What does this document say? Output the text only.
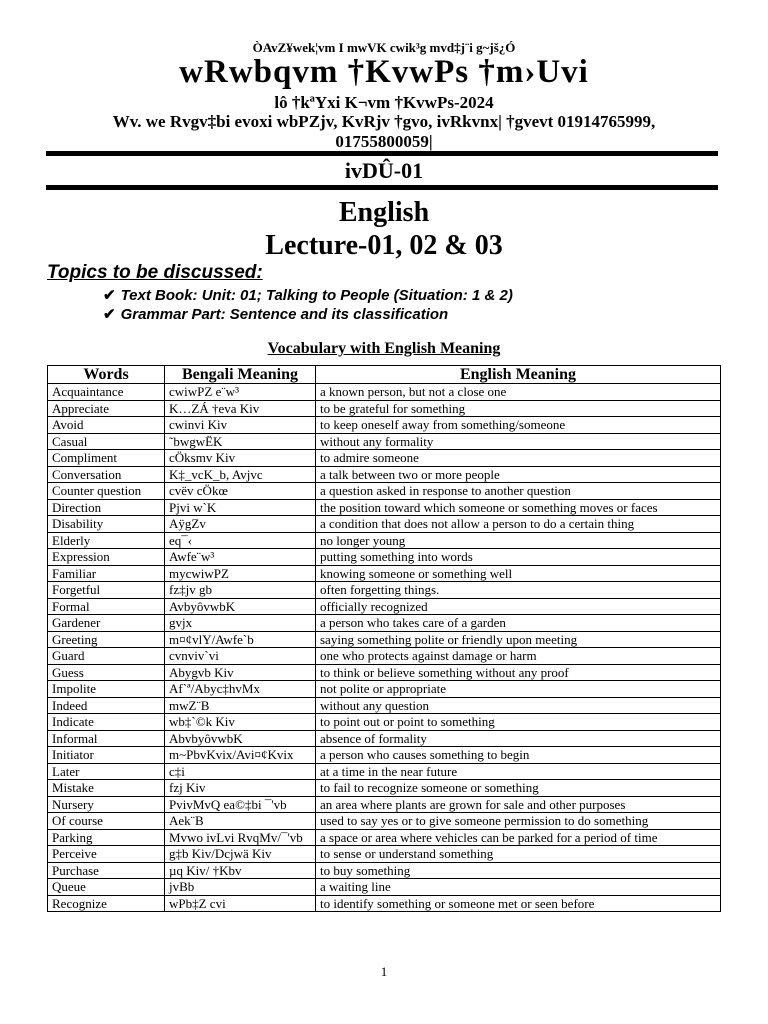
ÒAvZ¥wek¦vm I mwVK cwik³g mvd‡j¨i g~jš¿Ó
wRwbqvm †KvwPs †m›Uvi
lô †kªYxi K¬vm †KvwPs-2024
Wv. we Rvgv‡bi evoxi wbPZjv, KvRjv †gvo, ivRkvnx| †gvevt 01914765999, 01755800059|
ivDÛ-01
English
Lecture-01, 02 & 03
Topics to be discussed:
✔ Text Book: Unit: 01; Talking to People (Situation: 1 & 2)
✔ Grammar Part: Sentence and its classification
Vocabulary with English Meaning
Words	Bengali Meaning	English Meaning
Acquaintance	cwiwPZ e¨w³	a known person, but not a close one
Appreciate	K…ZÁ †eva Kiv	to be grateful for something
Avoid	cwinvi Kiv	to keep oneself away from something/someone
Casual	˜bwgwËK	without any formality
Compliment	cÖksmv Kiv	to admire someone
Conversation	K‡_vcK_b, Avjvc	a talk between two or more people
Counter question	cvëv cÖkœ	a question asked in response to another question
Direction	Pjvi w`K	the position toward which someone or something moves or faces
Disability	AÿgZv	a condition that does not allow a person to do a certain thing
Elderly	eq¯‹	no longer young
Expression	Awfe¨w³	putting something into words
Familiar	mycwiwPZ	knowing someone or something well
Forgetful	fz‡jv gb	often forgetting things.
Formal	AvbyôvwbK	officially recognized
Gardener	gvjx	a person who takes care of a garden
Greeting	m¤¢vlY/Awfe`b	saying something polite or friendly upon meeting
Guard	cvnviv`vi	one who protects against damage or harm
Guess	Abygvb Kiv	to think or believe something without any proof
Impolite	Af`ª/Abyc‡hvMx	not polite or appropriate
Indeed	mwZ¨B	without any question
Indicate	wb‡`©k Kiv	to point out or point to something
Informal	AbvbyôvwbK	absence of formality
Initiator	m~PbvKvix/Avi¤¢Kvix	a person who causes something to begin
Later	c‡i	at a time in the near future
Mistake	fzj Kiv	to fail to recognize someone or something
Nursery	PvivMvQ ea©‡bi ¯'vb	an area where plants are grown for sale and other purposes
Of course	Aek¨B	used to say yes or to give someone permission to do something
Parking	Mvwo ivLvi RvqMv/¯'vb	a space or area where vehicles can be parked for a period of time
Perceive	g‡b Kiv/Dcjwä Kiv	to sense or understand something
Purchase	µq Kiv/ †Kbv	to buy something
Queue	jvBb	a waiting line
Recognize	wPb‡Z cvi	to identify something or someone met or seen before
1
